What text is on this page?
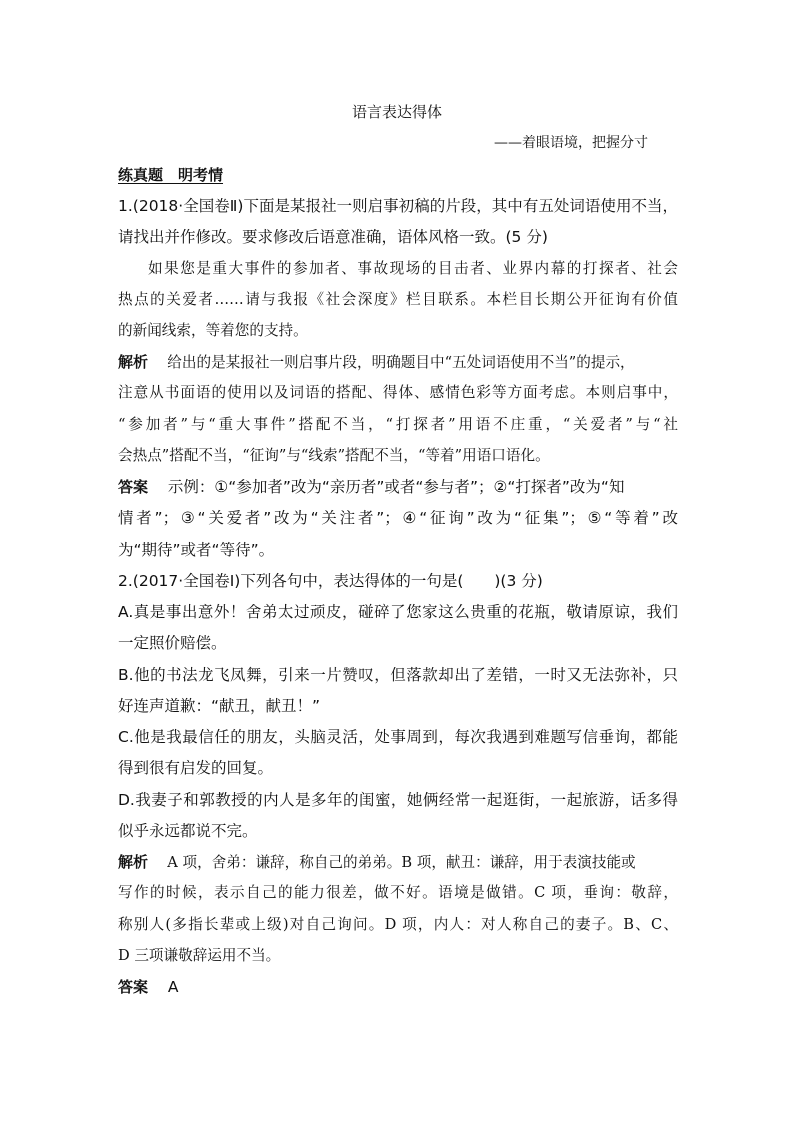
语言表达得体
——着眼语境，把握分寸
练真题　明考情
1.(2018·全国卷Ⅱ)下面是某报社一则启事初稿的片段，其中有五处词语使用不当，
请找出并作修改。要求修改后语意准确，语体风格一致。(5 分)
如果您是重大事件的参加者、事故现场的目击者、业界内幕的打探者、社会
热点的关爱者……请与我报《社会深度》栏目联系。本栏目长期公开征询有价值
的新闻线索，等着您的支持。
解析 给出的是某报社一则启事片段，明确题目中“五处词语使用不当”的提示，
注意从书面语的使用以及词语的搭配、得体、感情色彩等方面考虑。本则启事中，
“参加者”与“重大事件”搭配不当，“打探者”用语不庄重，“关爱者”与“社
会热点”搭配不当，“征询”与“线索”搭配不当，“等着”用语口语化。
答案 示例：①“参加者”改为“亲历者”或者“参与者”；②“打探者”改为“知
情者”；③“关爱者”改为“关注者”；④“征询”改为“征集”；⑤“等着”改
为“期待”或者“等待”。
2.(2017·全国卷Ⅰ)下列各句中，表达得体的一句是(　　)(3 分)
A.真是事出意外！舍弟太过顽皮，碰碎了您家这么贵重的花瓶，敬请原谅，我们
一定照价赔偿。
B.他的书法龙飞凤舞，引来一片赞叹，但落款却出了差错，一时又无法弥补，只
好连声道歉：“献丑，献丑！”
C.他是我最信任的朋友，头脑灵活，处事周到，每次我遇到难题写信垂询，都能
得到很有启发的回复。
D.我妻子和郭教授的内人是多年的闺蜜，她俩经常一起逛街，一起旅游，话多得
似乎永远都说不完。
解析 A 项，舍弟：谦辞，称自己的弟弟。B 项，献丑：谦辞，用于表演技能或
写作的时候，表示自己的能力很差，做不好。语境是做错。C 项，垂询：敬辞，
称别人(多指长辈或上级)对自己询问。D 项，内人：对人称自己的妻子。B、C、
D 三项谦敬辞运用不当。
答案 A
